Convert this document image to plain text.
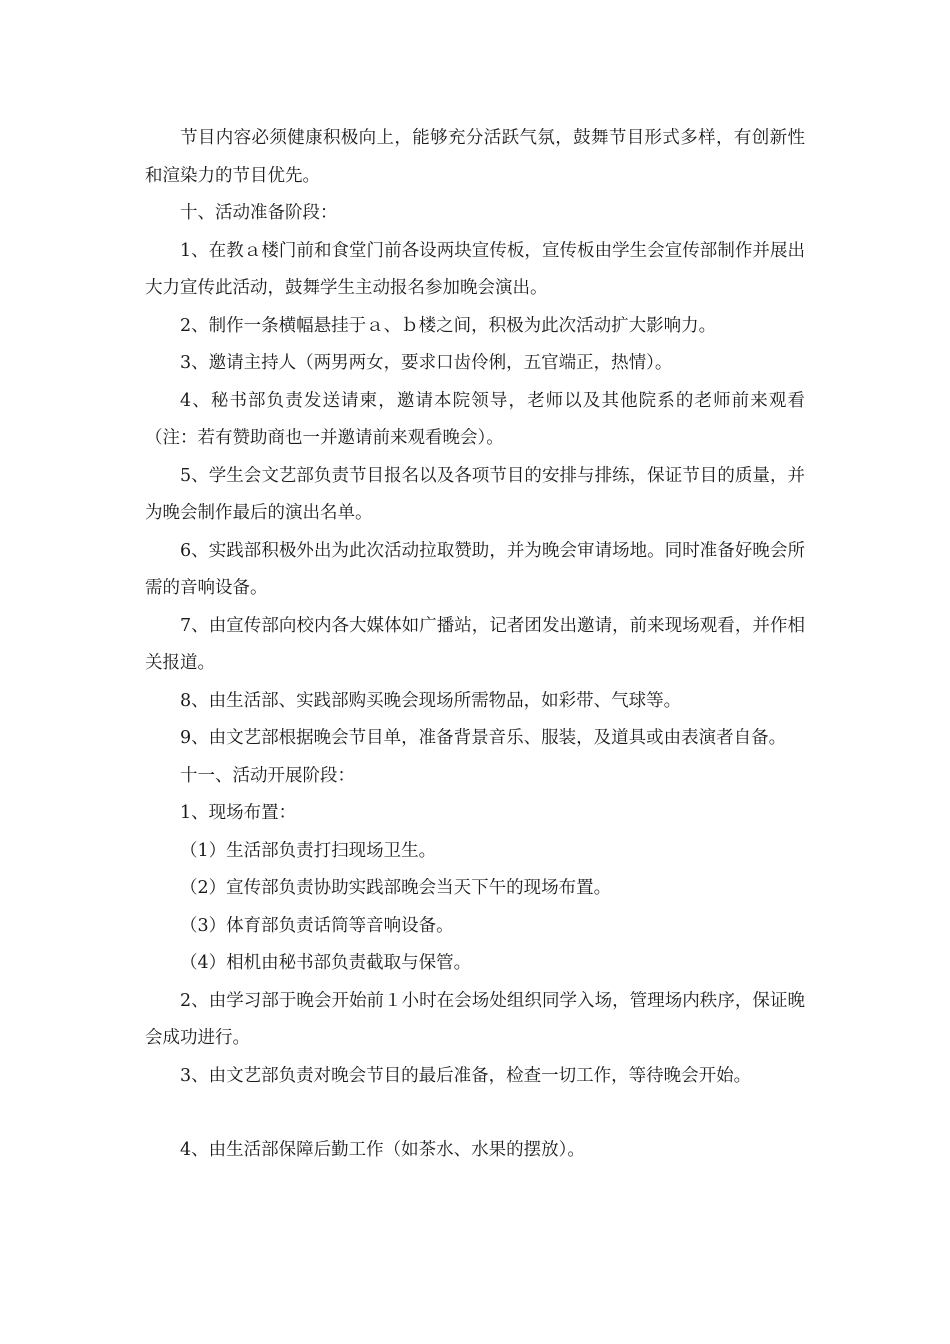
节目内容必须健康积极向上，能够充分活跃气氛，鼓舞节目形式多样，有创新性和渲染力的节目优先。

十、活动准备阶段：

1、在教ａ楼门前和食堂门前各设两块宣传板，宣传板由学生会宣传部制作并展出大力宣传此活动，鼓舞学生主动报名参加晚会演出。

2、制作一条横幅悬挂于ａ、ｂ楼之间，积极为此次活动扩大影响力。

3、邀请主持人（两男两女，要求口齿伶俐，五官端正，热情）。

4、秘书部负责发送请柬，邀请本院领导，老师以及其他院系的老师前来观看（注：若有赞助商也一并邀请前来观看晚会）。

5、学生会文艺部负责节目报名以及各项节目的安排与排练，保证节目的质量，并为晚会制作最后的演出名单。

6、实践部积极外出为此次活动拉取赞助，并为晚会审请场地。同时准备好晚会所需的音响设备。

7、由宣传部向校内各大媒体如广播站，记者团发出邀请，前来现场观看，并作相关报道。

8、由生活部、实践部购买晚会现场所需物品，如彩带、气球等。

9、由文艺部根据晚会节目单，准备背景音乐、服装，及道具或由表演者自备。

十一、活动开展阶段：

1、现场布置：

（1）生活部负责打扫现场卫生。

（2）宣传部负责协助实践部晚会当天下午的现场布置。

（3）体育部负责话筒等音响设备。

（4）相机由秘书部负责截取与保管。

2、由学习部于晚会开始前１小时在会场处组织同学入场，管理场内秩序，保证晚会成功进行。

3、由文艺部负责对晚会节目的最后准备，检查一切工作，等待晚会开始。

4、由生活部保障后勤工作（如茶水、水果的摆放）。
